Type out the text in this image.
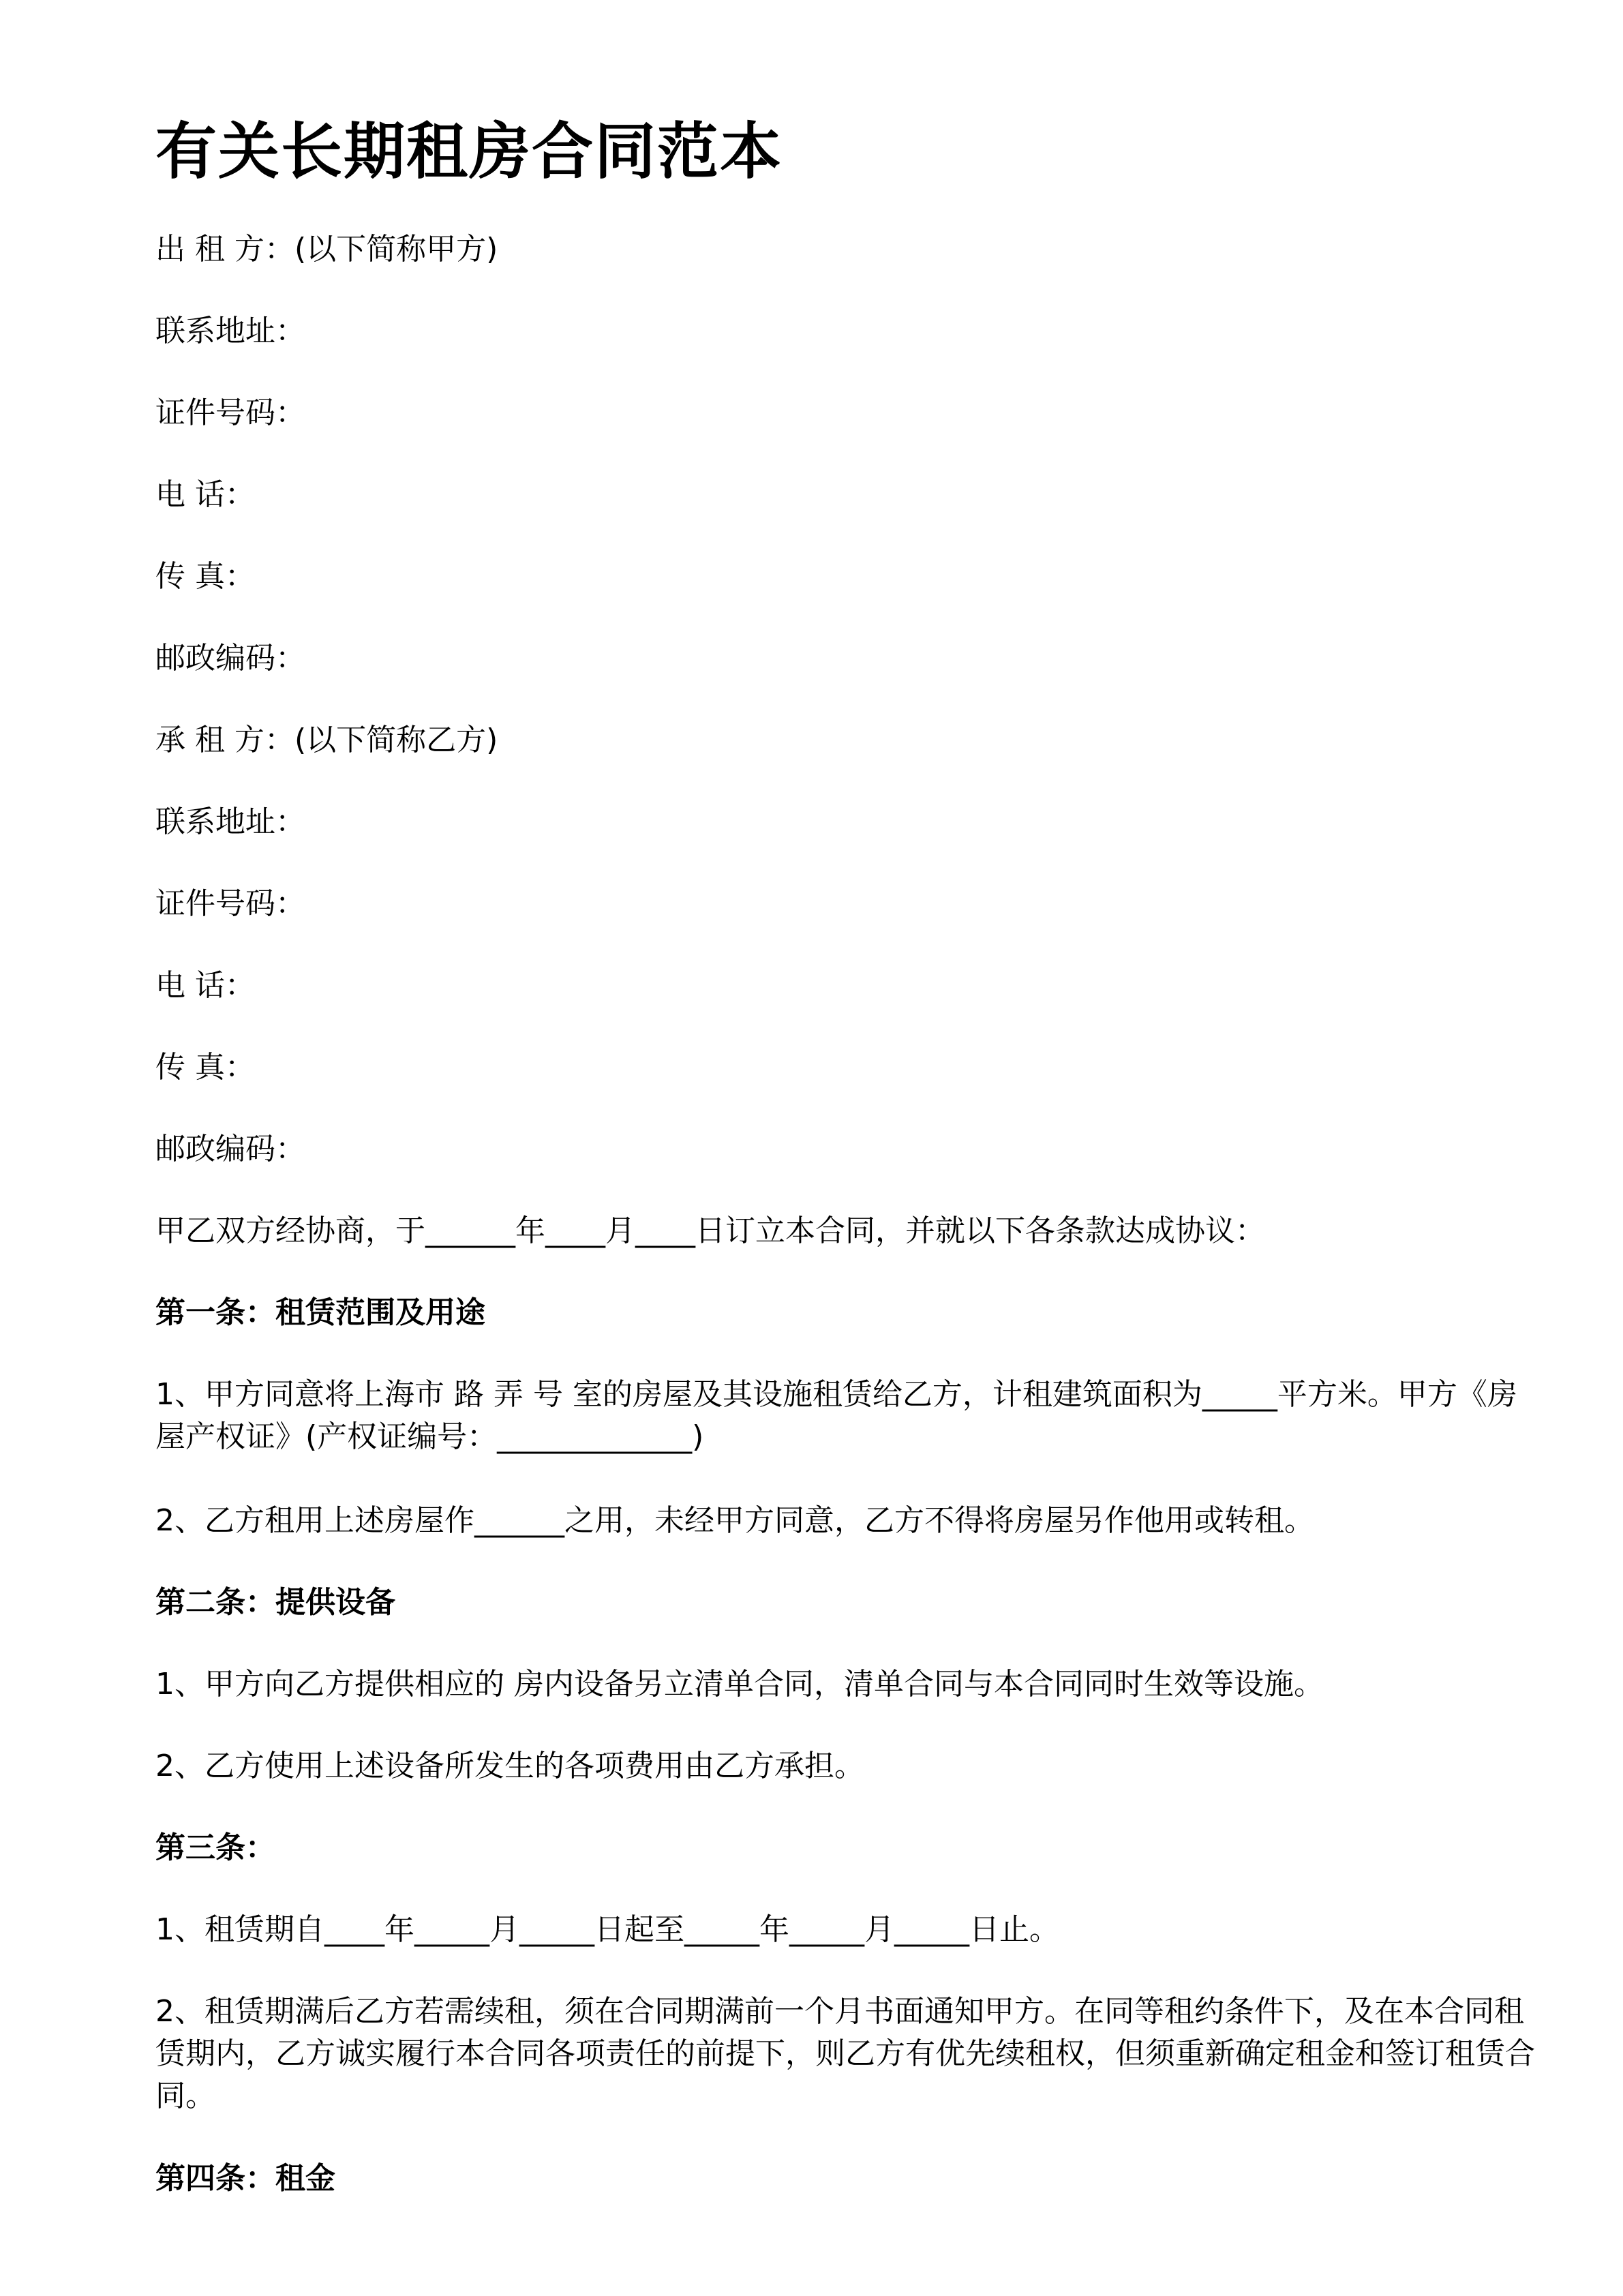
有关长期租房合同范本

出 租 方：(以下简称甲方)

联系地址：

证件号码：

电 话：

传 真：

邮政编码：

承 租 方：(以下简称乙方)

联系地址：

证件号码：

电 话：

传 真：

邮政编码：

甲乙双方经协商，于______年____月____日订立本合同，并就以下各条款达成协议：

第一条：租赁范围及用途

1、甲方同意将上海市 路 弄 号 室的房屋及其设施租赁给乙方，计租建筑面积为_____平方米。甲方《房屋产权证》(产权证编号：_____________)

2、乙方租用上述房屋作______之用，未经甲方同意，乙方不得将房屋另作他用或转租。

第二条：提供设备

1、甲方向乙方提供相应的 房内设备另立清单合同，清单合同与本合同同时生效等设施。

2、乙方使用上述设备所发生的各项费用由乙方承担。

第三条：

1、租赁期自____年_____月_____日起至_____年_____月_____日止。

2、租赁期满后乙方若需续租，须在合同期满前一个月书面通知甲方。在同等租约条件下，及在本合同租赁期内，乙方诚实履行本合同各项责任的前提下，则乙方有优先续租权，但须重新确定租金和签订租赁合同。

第四条：租金
